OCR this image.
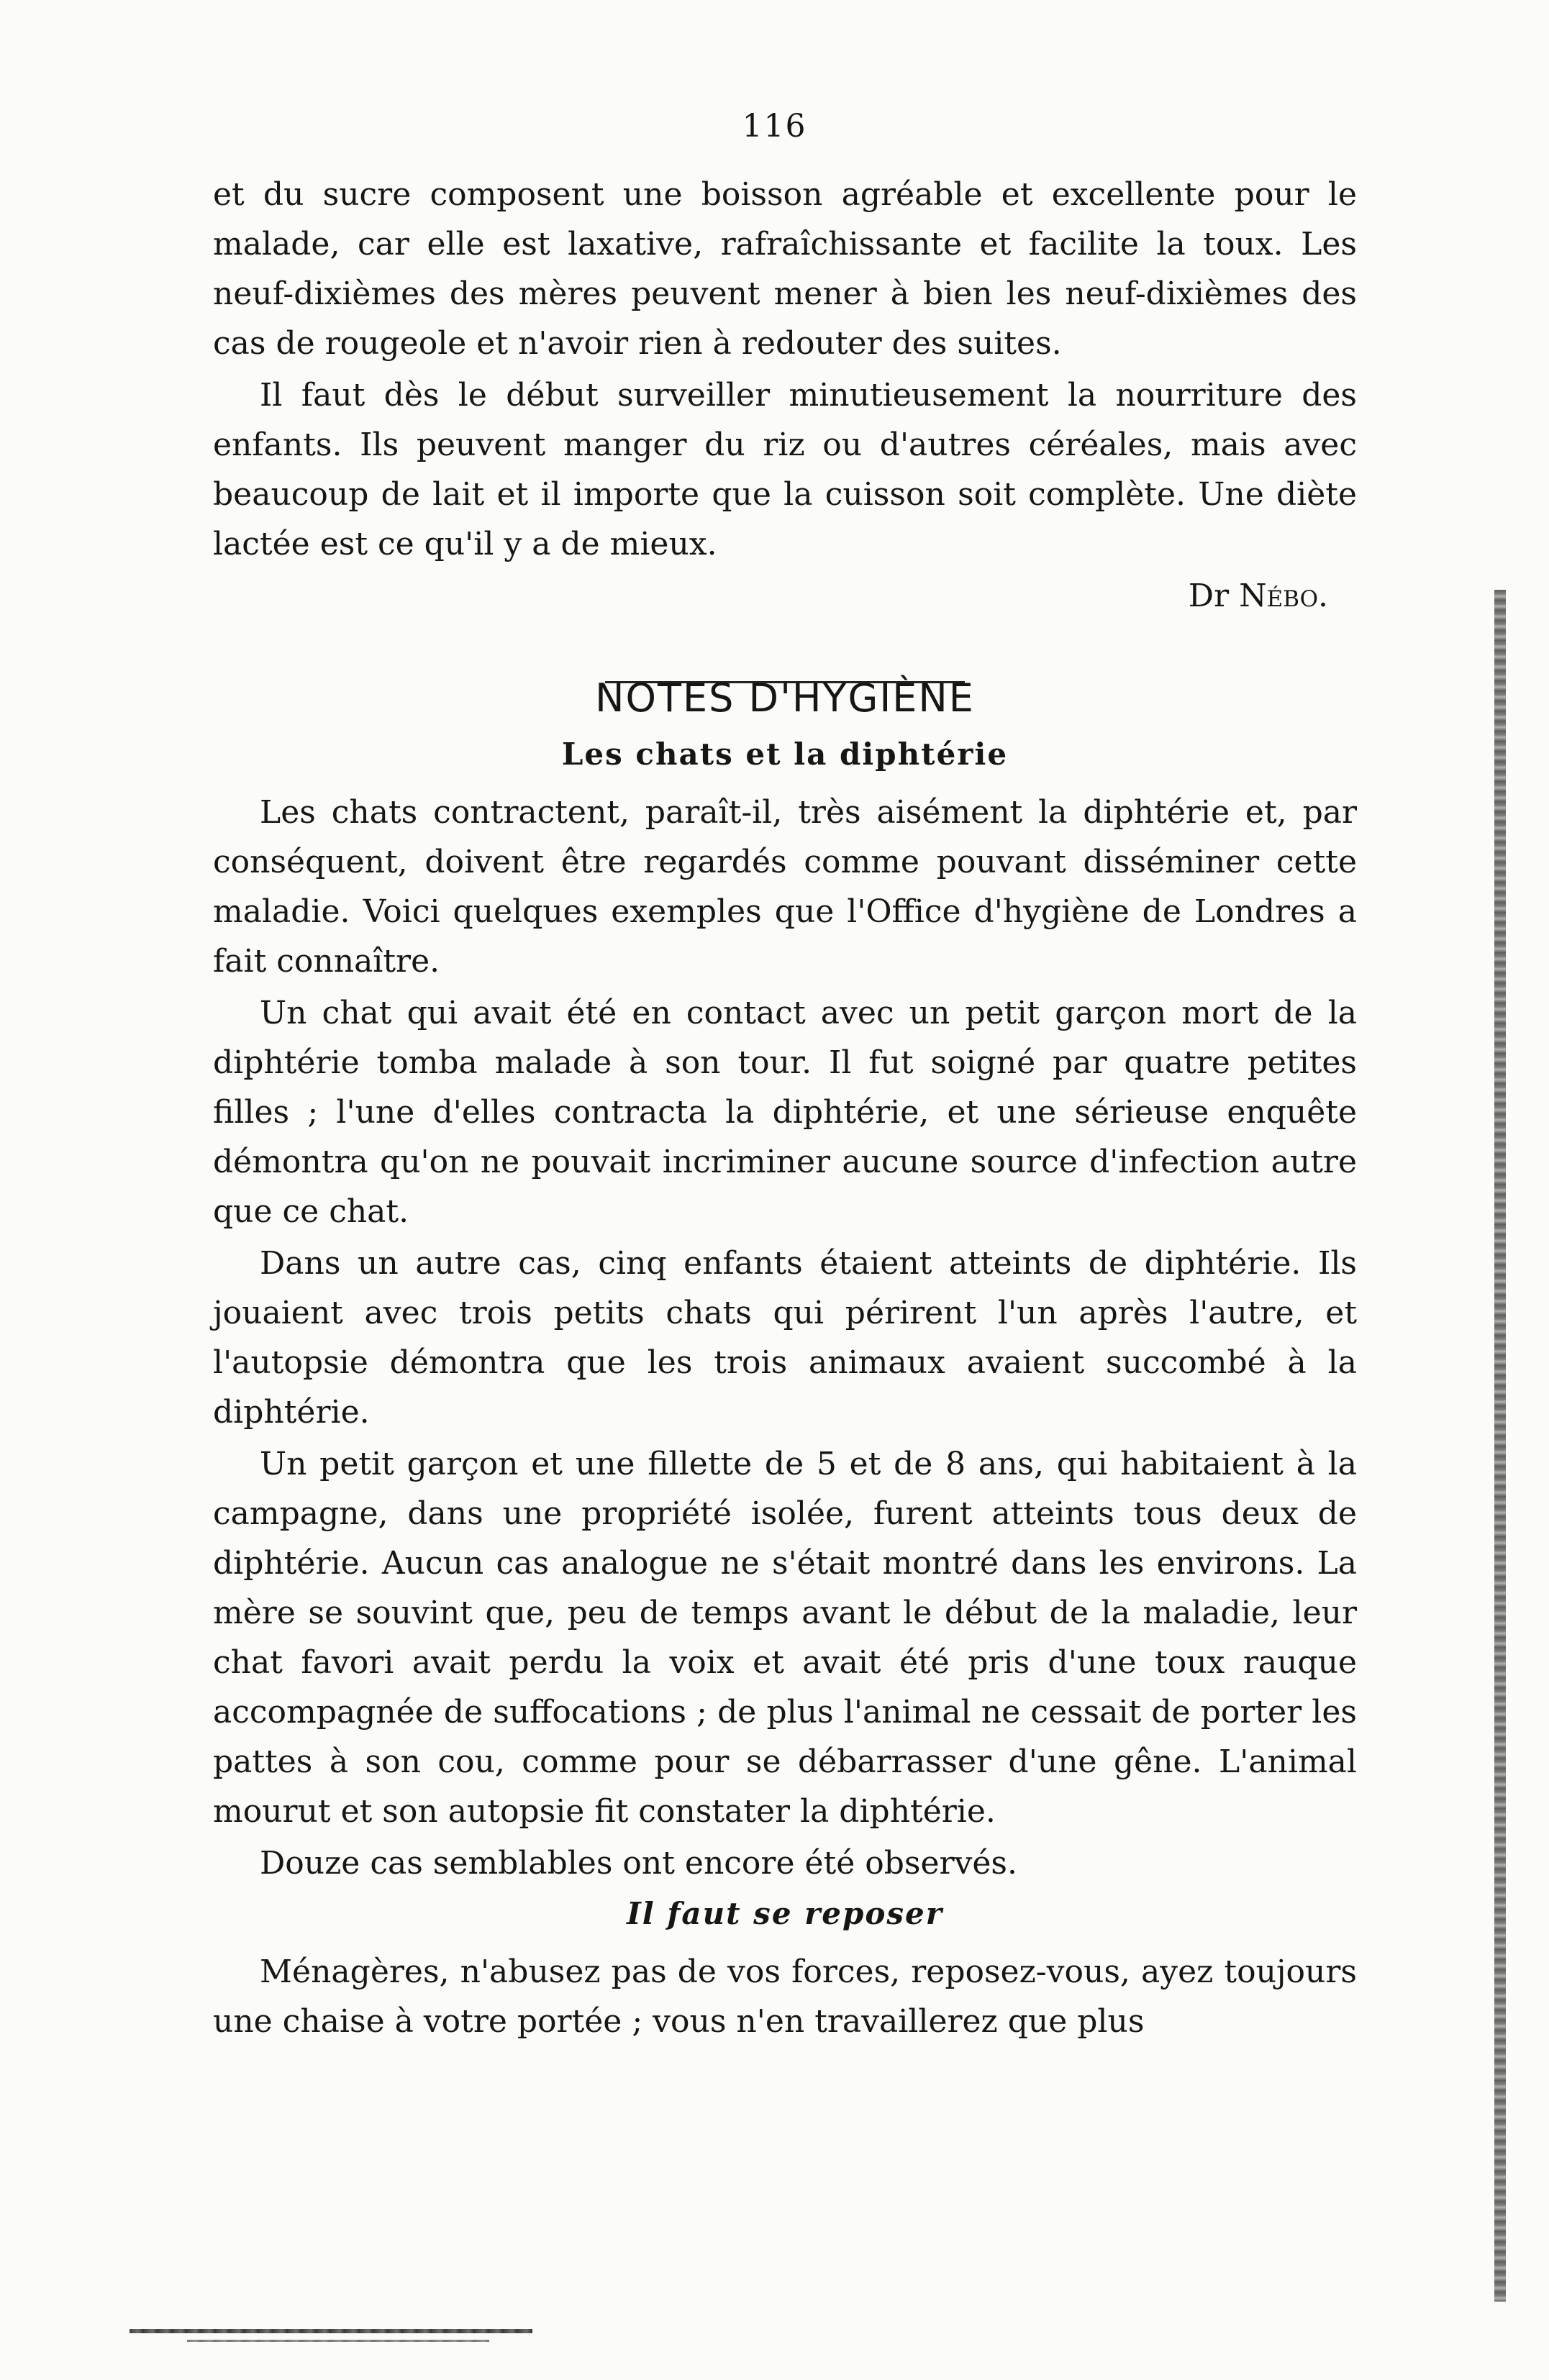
116

et du sucre composent une boisson agréable et excellente pour le malade, car elle est laxative, rafraîchissante et facilite la toux. Les neuf-dixièmes des mères peuvent mener à bien les neuf-dixièmes des cas de rougeole et n'avoir rien à redouter des suites.

Il faut dès le début surveiller minutieusement la nourriture des enfants. Ils peuvent manger du riz ou d'autres céréales, mais avec beaucoup de lait et il importe que la cuisson soit complète. Une diète lactée est ce qu'il y a de mieux.

Dr Nébo.

NOTES D'HYGIÈNE
Les chats et la diphtérie

Les chats contractent, paraît-il, très aisément la diphtérie et, par conséquent, doivent être regardés comme pouvant disséminer cette maladie. Voici quelques exemples que l'Office d'hygiène de Londres a fait connaître.

Un chat qui avait été en contact avec un petit garçon mort de la diphtérie tomba malade à son tour. Il fut soigné par quatre petites filles ; l'une d'elles contracta la diphtérie, et une sérieuse enquête démontra qu'on ne pouvait incriminer aucune source d'infection autre que ce chat.

Dans un autre cas, cinq enfants étaient atteints de diphtérie. Ils jouaient avec trois petits chats qui périrent l'un après l'autre, et l'autopsie démontra que les trois animaux avaient succombé à la diphtérie.

Un petit garçon et une fillette de 5 et de 8 ans, qui habitaient à la campagne, dans une propriété isolée, furent atteints tous deux de diphtérie. Aucun cas analogue ne s'était montré dans les environs. La mère se souvint que, peu de temps avant le début de la maladie, leur chat favori avait perdu la voix et avait été pris d'une toux rauque accompagnée de suffocations ; de plus l'animal ne cessait de porter les pattes à son cou, comme pour se débarrasser d'une gêne. L'animal mourut et son autopsie fit constater la diphtérie.

Douze cas semblables ont encore été observés.

Il faut se reposer

Ménagères, n'abusez pas de vos forces, reposez-vous, ayez toujours une chaise à votre portée ; vous n'en travaillerez que plus
